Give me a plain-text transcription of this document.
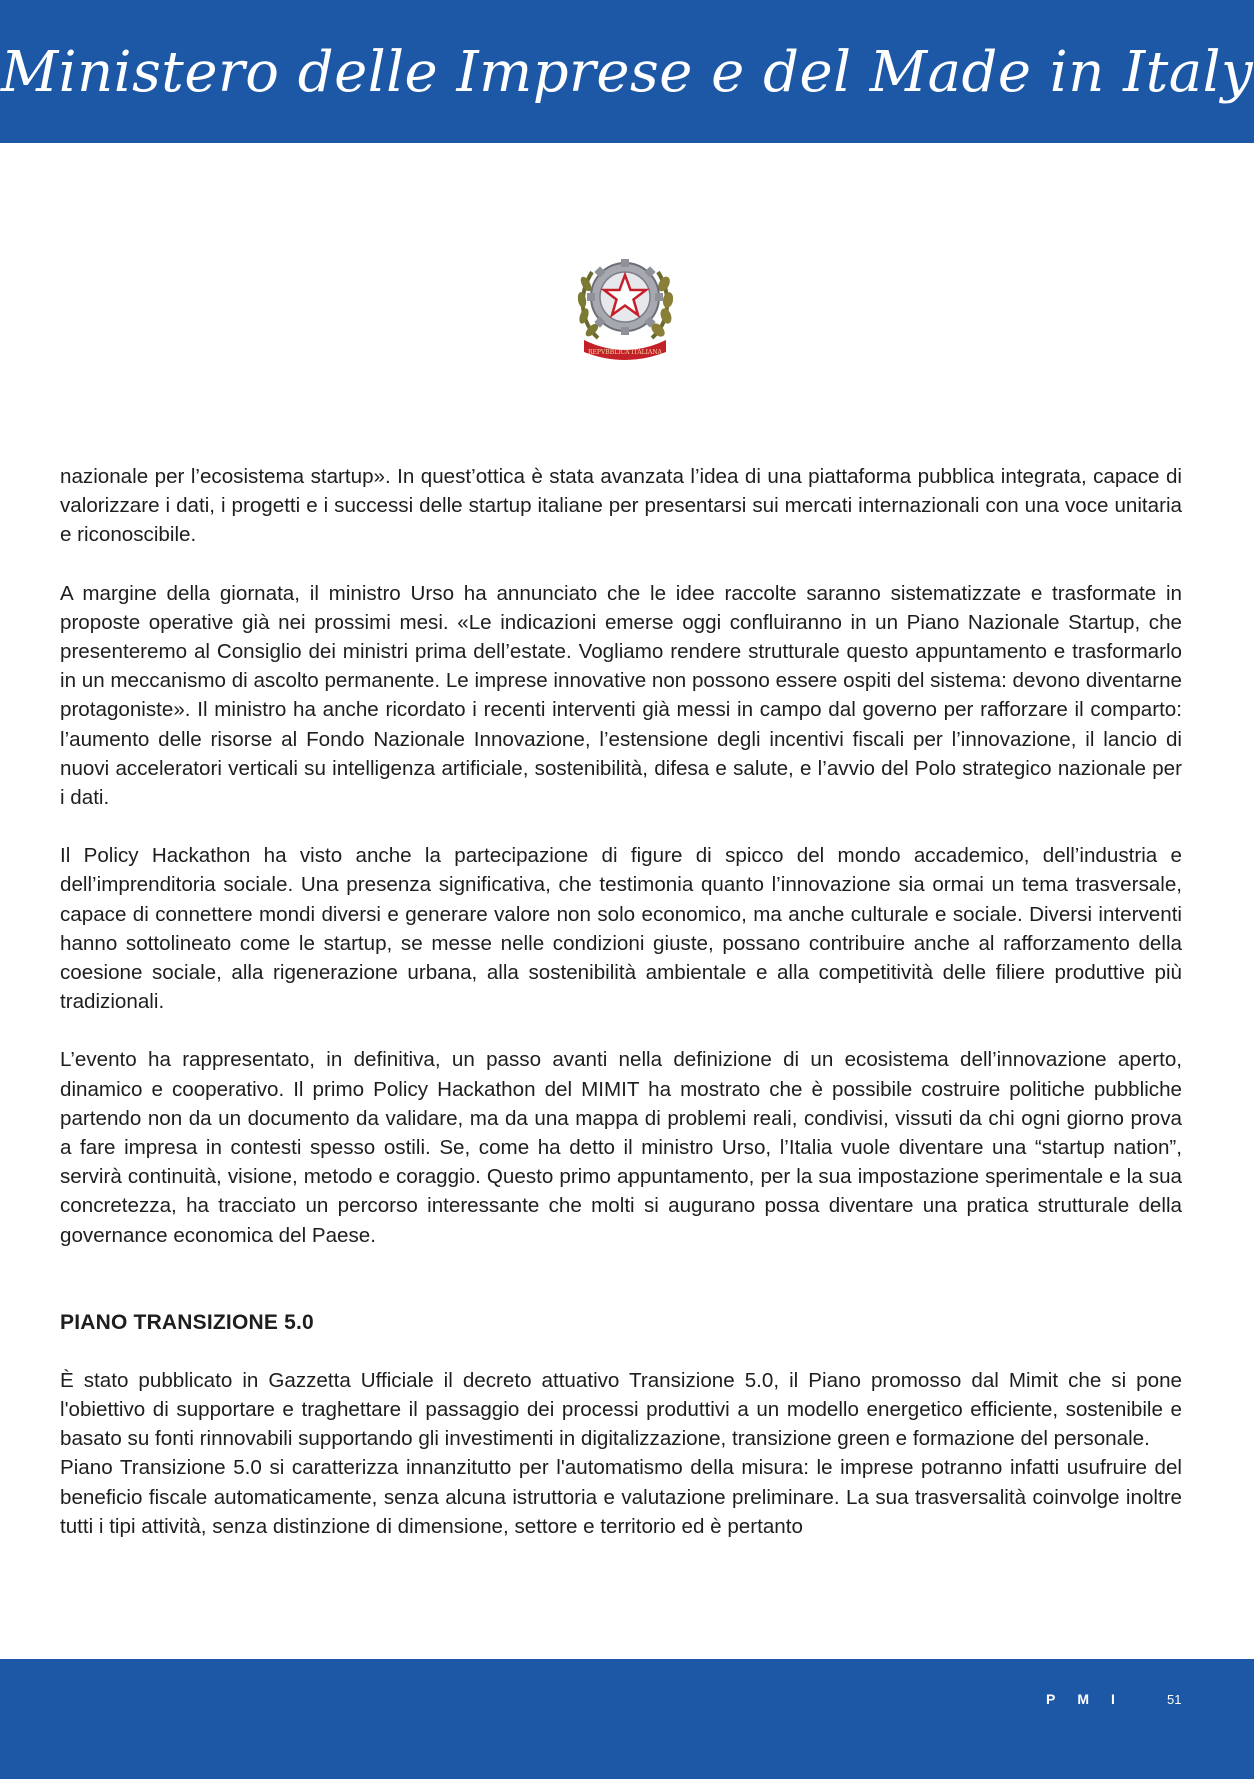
Ministero delle Imprese e del Made in Italy
REPVBBLICA ITALIANA

nazionale per l’ecosistema startup». In quest’ottica è stata avanzata l’idea di una piattaforma pubblica integrata, capace di valorizzare i dati, i progetti e i successi delle startup italiane per presentarsi sui mercati internazionali con una voce unitaria e riconoscibile.

A margine della giornata, il ministro Urso ha annunciato che le idee raccolte saranno sistematizzate e trasformate in proposte operative già nei prossimi mesi. «Le indicazioni emerse oggi confluiranno in un Piano Nazionale Startup, che presenteremo al Consiglio dei ministri prima dell’estate. Vogliamo rendere strutturale questo appuntamento e trasformarlo in un meccanismo di ascolto permanente. Le imprese innovative non possono essere ospiti del sistema: devono diventarne protagoniste». Il ministro ha anche ricordato i recenti interventi già messi in campo dal governo per rafforzare il comparto: l’aumento delle risorse al Fondo Nazionale Innovazione, l’estensione degli incentivi fiscali per l’innovazione, il lancio di nuovi acceleratori verticali su intelligenza artificiale, sostenibilità, difesa e salute, e l’avvio del Polo strategico nazionale per i dati.

Il Policy Hackathon ha visto anche la partecipazione di figure di spicco del mondo accademico, dell’industria e dell’imprenditoria sociale. Una presenza significativa, che testimonia quanto l’innovazione sia ormai un tema trasversale, capace di connettere mondi diversi e generare valore non solo economico, ma anche culturale e sociale. Diversi interventi hanno sottolineato come le startup, se messe nelle condizioni giuste, possano contribuire anche al rafforzamento della coesione sociale, alla rigenerazione urbana, alla sostenibilità ambientale e alla competitività delle filiere produttive più tradizionali.

L’evento ha rappresentato, in definitiva, un passo avanti nella definizione di un ecosistema dell’innovazione aperto, dinamico e cooperativo. Il primo Policy Hackathon del MIMIT ha mostrato che è possibile costruire politiche pubbliche partendo non da un documento da validare, ma da una mappa di problemi reali, condivisi, vissuti da chi ogni giorno prova a fare impresa in contesti spesso ostili. Se, come ha detto il ministro Urso, l’Italia vuole diventare una “startup nation”, servirà continuità, visione, metodo e coraggio. Questo primo appuntamento, per la sua impostazione sperimentale e la sua concretezza, ha tracciato un percorso interessante che molti si augurano possa diventare una pratica strutturale della governance economica del Paese.

PIANO TRANSIZIONE 5.0

È stato pubblicato in Gazzetta Ufficiale il decreto attuativo Transizione 5.0, il Piano promosso dal Mimit che si pone l'obiettivo di supportare e traghettare il passaggio dei processi produttivi a un modello energetico efficiente, sostenibile e basato su fonti rinnovabili supportando gli investimenti in digitalizzazione, transizione green e formazione del personale.

Piano Transizione 5.0 si caratterizza innanzitutto per l'automatismo della misura: le imprese potranno infatti usufruire del beneficio fiscale automaticamente, senza alcuna istruttoria e valutazione preliminare. La sua trasversalità coinvolge inoltre tutti i tipi attività, senza distinzione di dimensione, settore e territorio ed è pertanto

PMI 51
